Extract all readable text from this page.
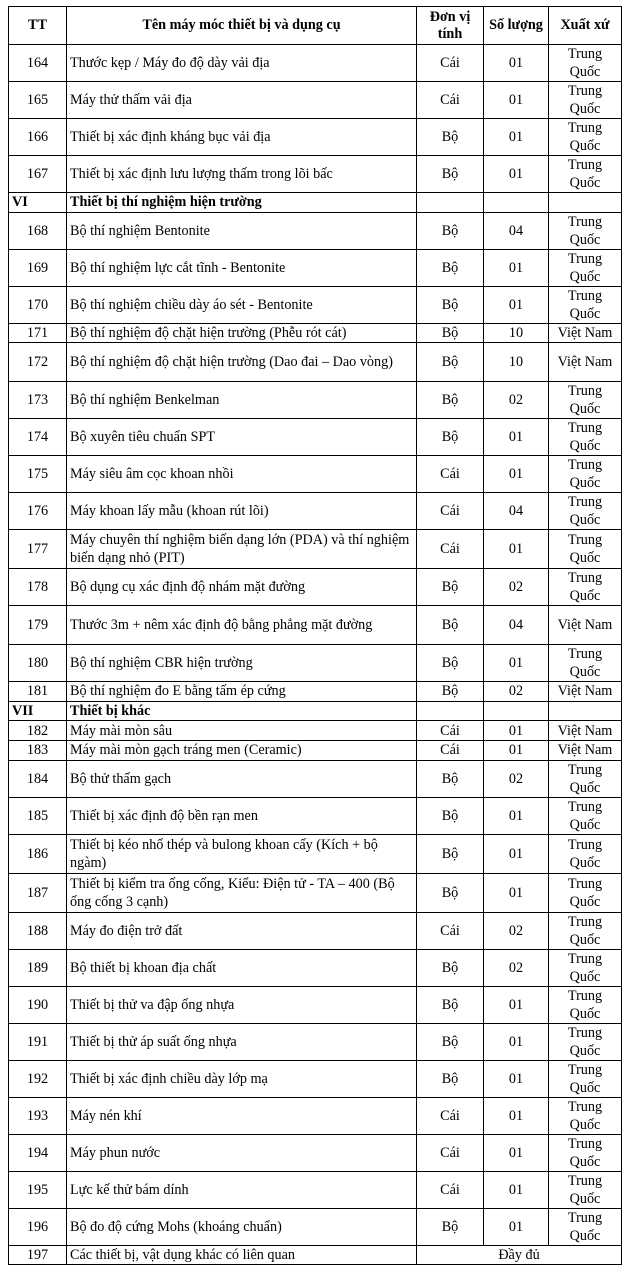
TT	Tên máy móc thiết bị và dụng cụ	Đơn vị tính	Số lượng	Xuất xứ
164	Thước kẹp / Máy đo độ dày vải địa	Cái	01	Trung Quốc
165	Máy thử thấm vải địa	Cái	01	Trung Quốc
166	Thiết bị xác định kháng bục vải địa	Bộ	01	Trung Quốc
167	Thiết bị xác định lưu lượng thấm trong lõi bấc	Bộ	01	Trung Quốc
VI	Thiết bị thí nghiệm hiện trường			
168	Bộ thí nghiệm Bentonite	Bộ	04	Trung Quốc
169	Bộ thí nghiệm lực cắt tĩnh - Bentonite	Bộ	01	Trung Quốc
170	Bộ thí nghiệm chiều dày áo sét - Bentonite	Bộ	01	Trung Quốc
171	Bộ thí nghiệm độ chặt hiện trường (Phễu rót cát)	Bộ	10	Việt Nam
172	Bộ thí nghiệm độ chặt hiện trường (Dao đai – Dao vòng)	Bộ	10	Việt Nam
173	Bộ thí nghiệm Benkelman	Bộ	02	Trung Quốc
174	Bộ xuyên tiêu chuẩn SPT	Bộ	01	Trung Quốc
175	Máy siêu âm cọc khoan nhồi	Cái	01	Trung Quốc
176	Máy khoan lấy mẫu (khoan rút lõi)	Cái	04	Trung Quốc
177	Máy chuyên thí nghiệm biến dạng lớn (PDA) và thí nghiệm biến dạng nhỏ (PIT)	Cái	01	Trung Quốc
178	Bộ dụng cụ xác định độ nhám mặt đường	Bộ	02	Trung Quốc
179	Thước 3m + nêm xác định độ bằng phẳng mặt đường	Bộ	04	Việt Nam
180	Bộ thí nghiệm CBR hiện trường	Bộ	01	Trung Quốc
181	Bộ thí nghiệm đo E bằng tấm ép cứng	Bộ	02	Việt Nam
VII	Thiết bị khác			
182	Máy mài mòn sâu	Cái	01	Việt Nam
183	Máy mài mòn gạch tráng men (Ceramic)	Cái	01	Việt Nam
184	Bộ thử thấm gạch	Bộ	02	Trung Quốc
185	Thiết bị xác định độ bền rạn men	Bộ	01	Trung Quốc
186	Thiết bị kéo nhổ thép và bulong khoan cấy (Kích + bộ ngàm)	Bộ	01	Trung Quốc
187	Thiết bị kiểm tra ống cống, Kiểu: Điện tử - TA – 400 (Bộ ống cống 3 cạnh)	Bộ	01	Trung Quốc
188	Máy đo điện trở đất	Cái	02	Trung Quốc
189	Bộ thiết bị khoan địa chất	Bộ	02	Trung Quốc
190	Thiết bị thử va đập ống nhựa	Bộ	01	Trung Quốc
191	Thiết bị thử áp suất ống nhựa	Bộ	01	Trung Quốc
192	Thiết bị xác định chiều dày lớp mạ	Bộ	01	Trung Quốc
193	Máy nén khí	Cái	01	Trung Quốc
194	Máy phun nước	Cái	01	Trung Quốc
195	Lực kế thử bám dính	Cái	01	Trung Quốc
196	Bộ đo độ cứng Mohs (khoáng chuẩn)	Bộ	01	Trung Quốc
197	Các thiết bị, vật dụng khác có liên quan	Đầy đủ		
